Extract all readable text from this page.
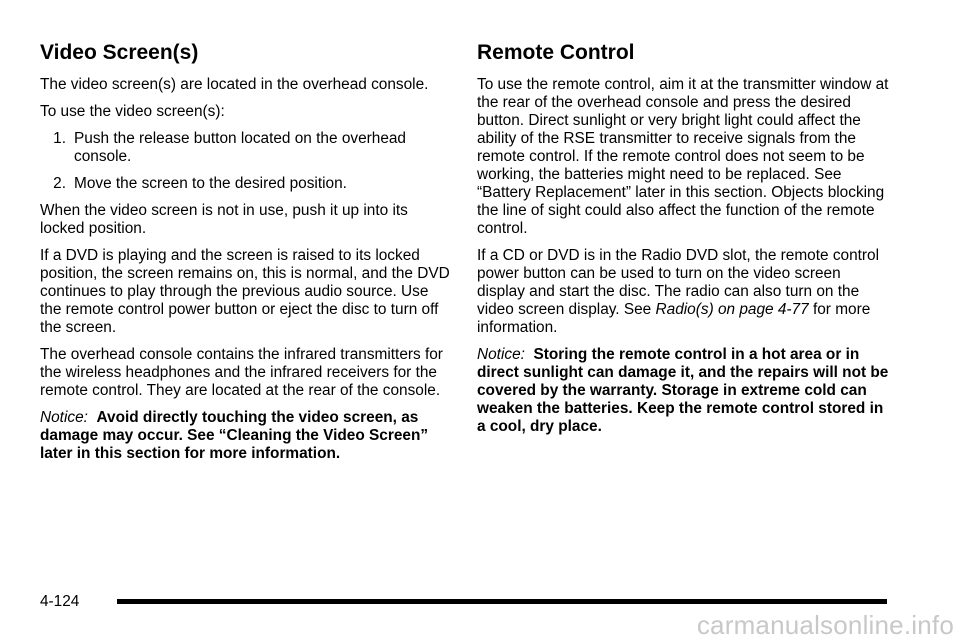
Video Screen(s)

The video screen(s) are located in the overhead console.

To use the video screen(s):

1. Push the release button located on the overhead console.
2. Move the screen to the desired position.

When the video screen is not in use, push it up into its locked position.

If a DVD is playing and the screen is raised to its locked position, the screen remains on, this is normal, and the DVD continues to play through the previous audio source. Use the remote control power button or eject the disc to turn off the screen.

The overhead console contains the infrared transmitters for the wireless headphones and the infrared receivers for the remote control. They are located at the rear of the console.

Notice: Avoid directly touching the video screen, as damage may occur. See “Cleaning the Video Screen” later in this section for more information.

Remote Control

To use the remote control, aim it at the transmitter window at the rear of the overhead console and press the desired button. Direct sunlight or very bright light could affect the ability of the RSE transmitter to receive signals from the remote control. If the remote control does not seem to be working, the batteries might need to be replaced. See “Battery Replacement” later in this section. Objects blocking the line of sight could also affect the function of the remote control.

If a CD or DVD is in the Radio DVD slot, the remote control power button can be used to turn on the video screen display and start the disc. The radio can also turn on the video screen display. See Radio(s) on page 4-77 for more information.

Notice: Storing the remote control in a hot area or in direct sunlight can damage it, and the repairs will not be covered by the warranty. Storage in extreme cold can weaken the batteries. Keep the remote control stored in a cool, dry place.

4-124
carmanualsonline.info
